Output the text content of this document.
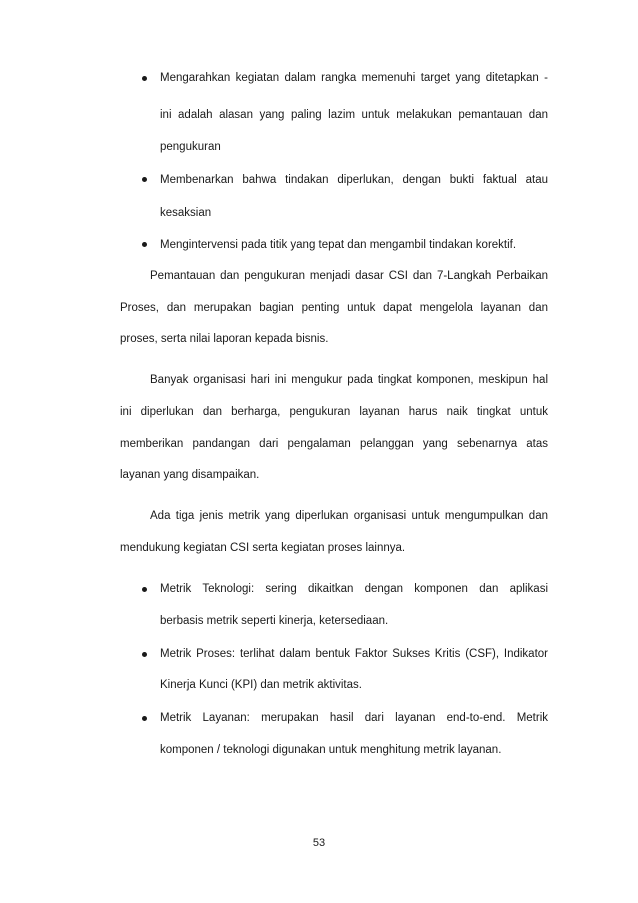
Mengarahkan kegiatan dalam rangka memenuhi target yang ditetapkan -
ini adalah alasan yang paling lazim untuk melakukan pemantauan dan
pengukuran
Membenarkan bahwa tindakan diperlukan, dengan bukti faktual atau
kesaksian
Mengintervensi pada titik yang tepat dan mengambil tindakan korektif.
Pemantauan dan pengukuran menjadi dasar CSI dan 7-Langkah Perbaikan
Proses, dan merupakan bagian penting untuk dapat mengelola layanan dan
proses, serta nilai laporan kepada bisnis.
Banyak organisasi hari ini mengukur pada tingkat komponen, meskipun hal
ini diperlukan dan berharga, pengukuran layanan harus naik tingkat untuk
memberikan pandangan dari pengalaman pelanggan yang sebenarnya atas
layanan yang disampaikan.
Ada tiga jenis metrik yang diperlukan organisasi untuk mengumpulkan dan
mendukung kegiatan CSI serta kegiatan proses lainnya.
Metrik Teknologi: sering dikaitkan dengan komponen dan aplikasi
berbasis metrik seperti kinerja, ketersediaan.
Metrik Proses: terlihat dalam bentuk Faktor Sukses Kritis (CSF), Indikator
Kinerja Kunci (KPI) dan metrik aktivitas.
Metrik Layanan: merupakan hasil dari layanan end-to-end. Metrik
komponen / teknologi digunakan untuk menghitung metrik layanan.
53
